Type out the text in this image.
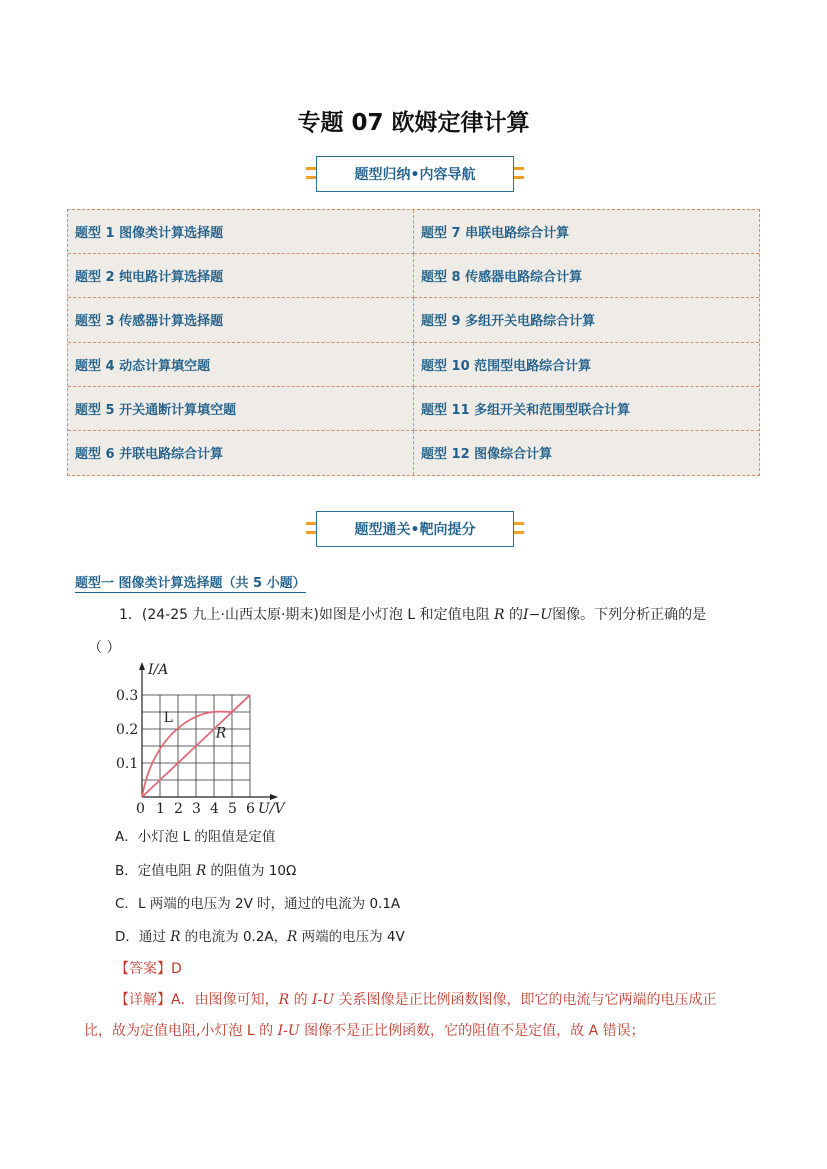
专题 07 欧姆定律计算
题型归纳•内容导航
题型 1 图像类计算选择题	题型 7 串联电路综合计算
题型 2 纯电路计算选择题	题型 8 传感器电路综合计算
题型 3 传感器计算选择题	题型 9 多组开关电路综合计算
题型 4 动态计算填空题	题型 10 范围型电路综合计算
题型 5 开关通断计算填空题	题型 11 多组开关和范围型联合计算
题型 6 并联电路综合计算	题型 12 图像综合计算
题型通关•靶向提分
题型一 图像类计算选择题（共 5 小题）
1．(24-25 九上·山西太原·期末)如图是小灯泡 L 和定值电阻 R 的I−U图像。下列分析正确的是
（ ）
0 1 2 3 4 5 6
0.1
0.2
0.3
L
R
I/A
U/V
A．小灯泡 L 的阻值是定值
B．定值电阻 R 的阻值为 10Ω
C．L 两端的电压为 2V 时，通过的电流为 0.1A
D．通过 R 的电流为 0.2A，R 两端的电压为 4V
【答案】D
【详解】A．由图像可知，R 的 I-U 关系图像是正比例函数图像，即它的电流与它两端的电压成正
比，故为定值电阻,小灯泡 L 的 I-U 图像不是正比例函数，它的阻值不是定值，故 A 错误；
